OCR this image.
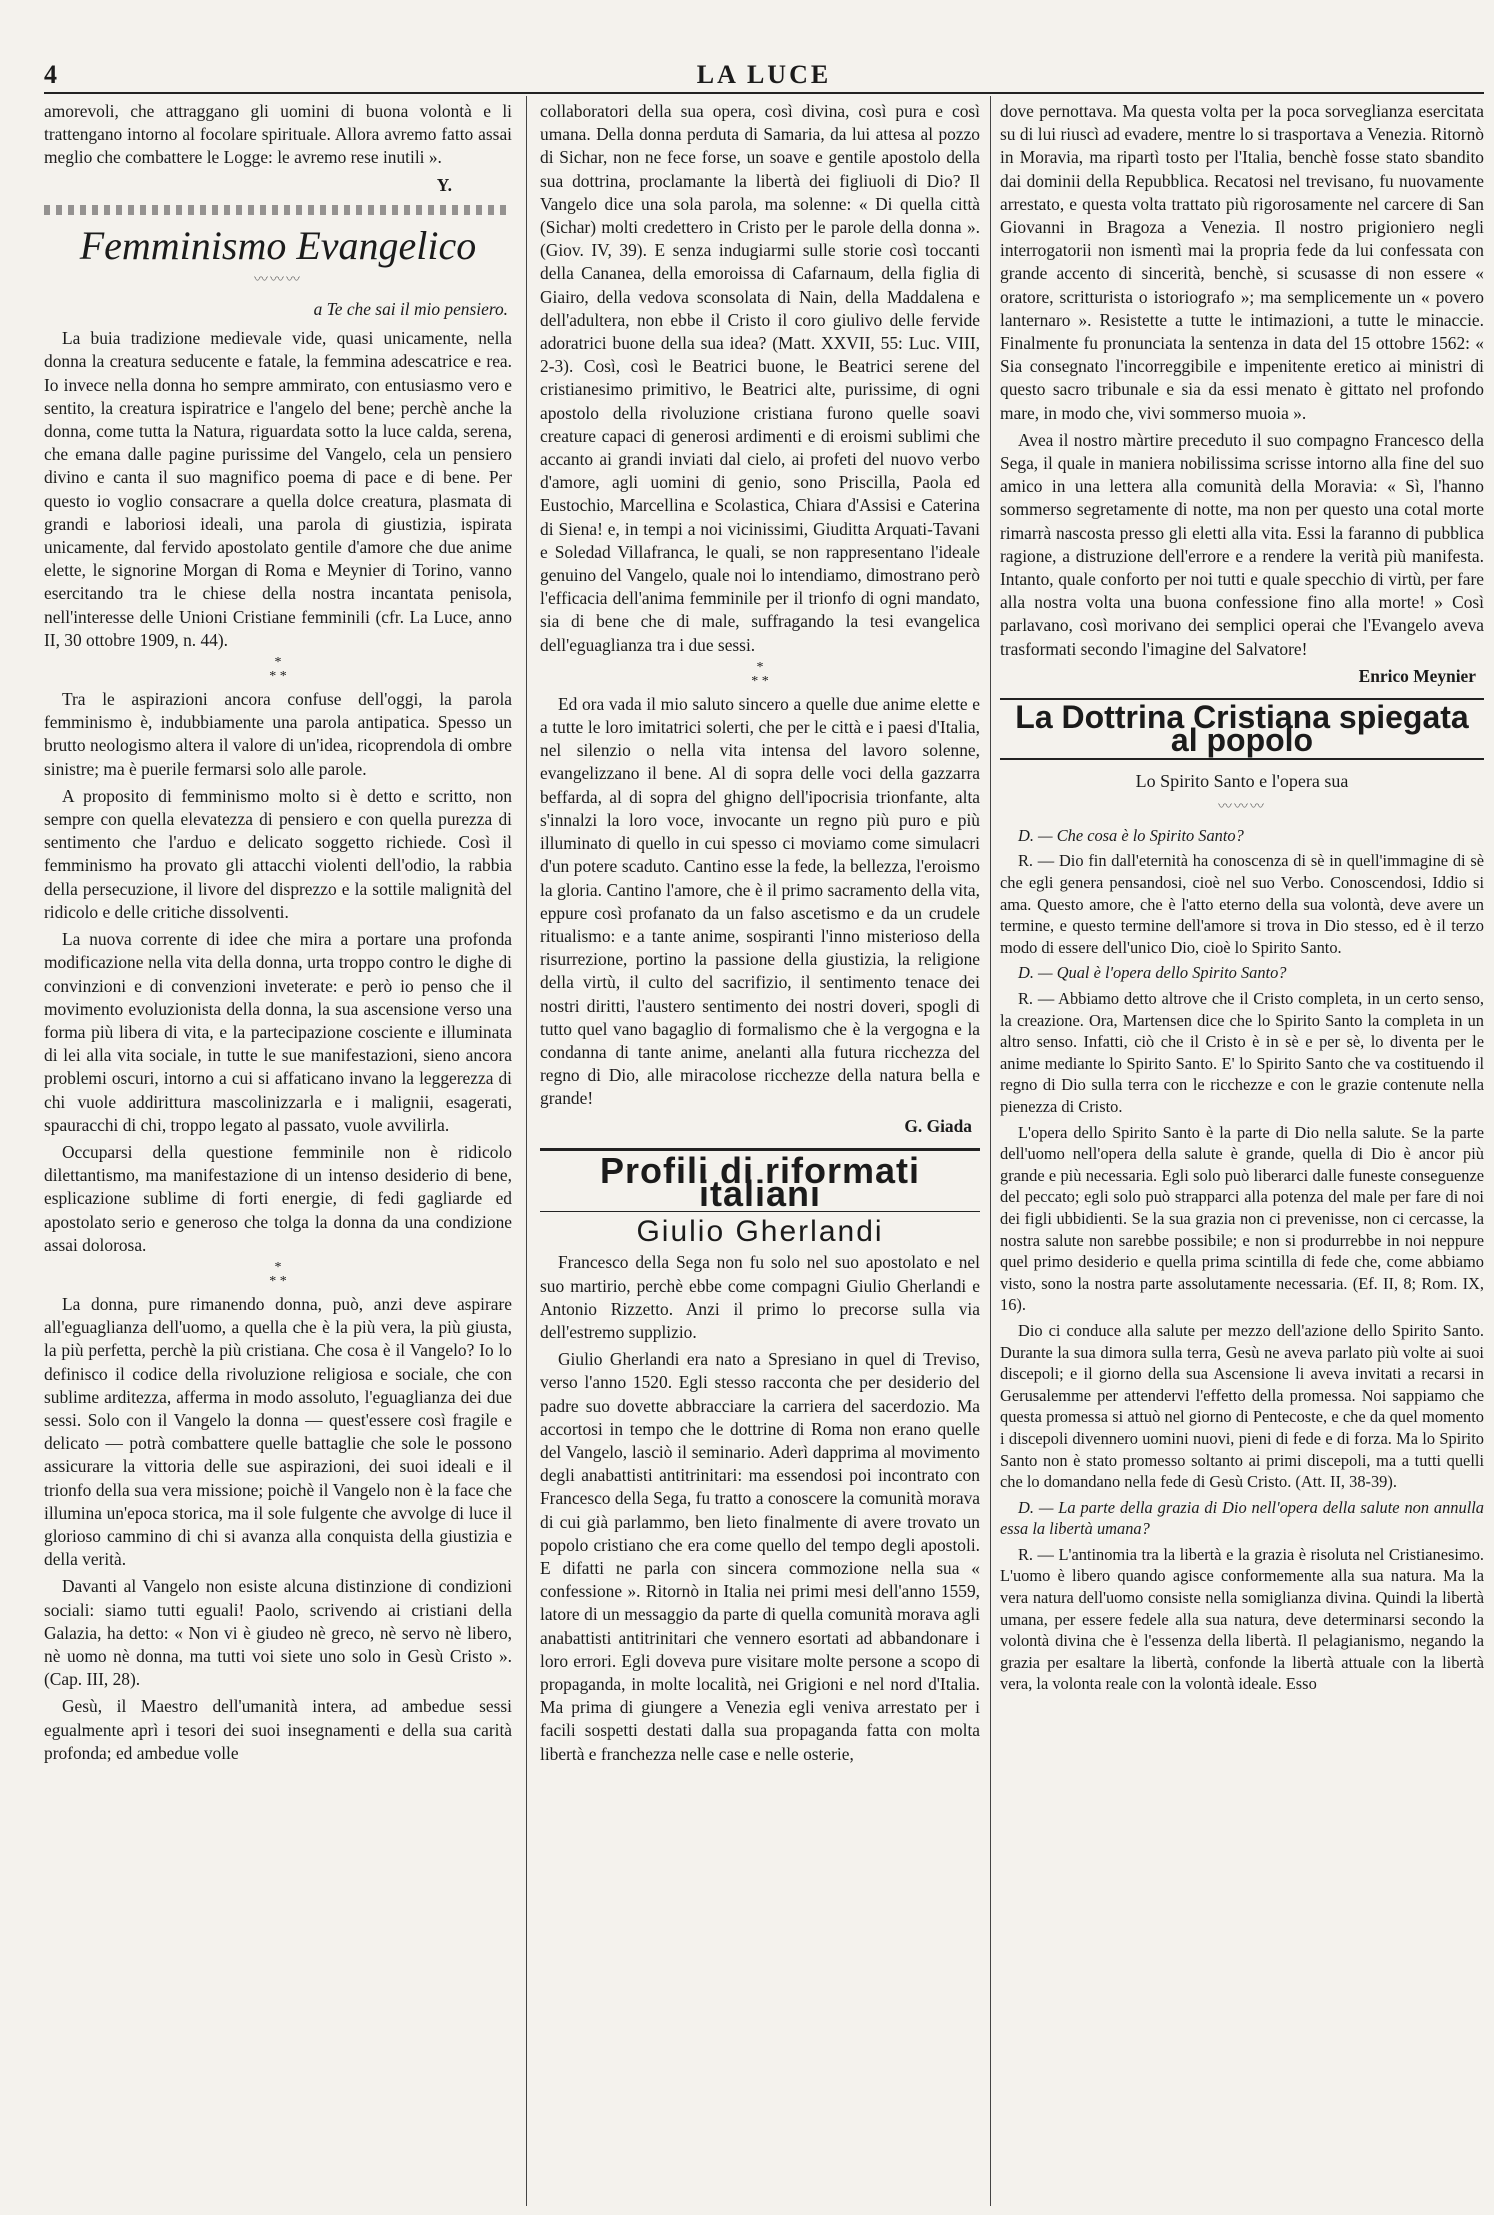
4	LA LUCE

amorevoli, che attraggano gli uomini di buona volontà e li trattengano intorno al focolare spirituale. Allora avremo fatto assai meglio che combattere le Logge: le avremo rese inutili ».

Y.
Femminismo Evangelico
〰〰〰
a Te che sai il mio pensiero.

La buia tradizione medievale vide, quasi unicamente, nella donna la creatura seducente e fatale, la femmina adescatrice e rea. Io invece nella donna ho sempre ammirato, con entusiasmo vero e sentito, la creatura ispiratrice e l'angelo del bene; perchè anche la donna, come tutta la Natura, riguardata sotto la luce calda, serena, che emana dalle pagine purissime del Vangelo, cela un pensiero divino e canta il suo magnifico poema di pace e di bene. Per questo io voglio consacrare a quella dolce creatura, plasmata di grandi e laboriosi ideali, una parola di giustizia, ispirata unicamente, dal fervido apostolato gentile d'amore che due anime elette, le signorine Morgan di Roma e Meynier di Torino, vanno esercitando tra le chiese della nostra incantata penisola, nell'interesse delle Unioni Cristiane femminili (cfr. La Luce, anno II, 30 ottobre 1909, n. 44).

*
* *

Tra le aspirazioni ancora confuse dell'oggi, la parola femminismo è, indubbiamente una parola antipatica. Spesso un brutto neologismo altera il valore di un'idea, ricoprendola di ombre sinistre; ma è puerile fermarsi solo alle parole.

A proposito di femminismo molto si è detto e scritto, non sempre con quella elevatezza di pensiero e con quella purezza di sentimento che l'arduo e delicato soggetto richiede. Così il femminismo ha provato gli attacchi violenti dell'odio, la rabbia della persecuzione, il livore del disprezzo e la sottile malignità del ridicolo e delle critiche dissolventi.

La nuova corrente di idee che mira a portare una profonda modificazione nella vita della donna, urta troppo contro le dighe di convinzioni e di convenzioni inveterate: e però io penso che il movimento evoluzionista della donna, la sua ascensione verso una forma più libera di vita, e la partecipazione cosciente e illuminata di lei alla vita sociale, in tutte le sue manifestazioni, sieno ancora problemi oscuri, intorno a cui si affaticano invano la leggerezza di chi vuole addirittura mascolinizzarla e i malignii, esagerati, spauracchi di chi, troppo legato al passato, vuole avvilirla.

Occuparsi della questione femminile non è ridicolo dilettantismo, ma manifestazione di un intenso desiderio di bene, esplicazione sublime di forti energie, di fedi gagliarde ed apostolato serio e generoso che tolga la donna da una condizione assai dolorosa.

*
* *

La donna, pure rimanendo donna, può, anzi deve aspirare all'eguaglianza dell'uomo, a quella che è la più vera, la più giusta, la più perfetta, perchè la più cristiana. Che cosa è il Vangelo? Io lo definisco il codice della rivoluzione religiosa e sociale, che con sublime arditezza, afferma in modo assoluto, l'eguaglianza dei due sessi. Solo con il Vangelo la donna — quest'essere così fragile e delicato — potrà combattere quelle battaglie che sole le possono assicurare la vittoria delle sue aspirazioni, dei suoi ideali e il trionfo della sua vera missione; poichè il Vangelo non è la face che illumina un'epoca storica, ma il sole fulgente che avvolge di luce il glorioso cammino di chi si avanza alla conquista della giustizia e della verità.

Davanti al Vangelo non esiste alcuna distinzione di condizioni sociali: siamo tutti eguali! Paolo, scrivendo ai cristiani della Galazia, ha detto: « Non vi è giudeo nè greco, nè servo nè libero, nè uomo nè donna, ma tutti voi siete uno solo in Gesù Cristo ». (Cap. III, 28).

Gesù, il Maestro dell'umanità intera, ad ambedue sessi egualmente aprì i tesori dei suoi insegnamenti e della sua carità profonda; ed ambedue volle

collaboratori della sua opera, così divina, così pura e così umana. Della donna perduta di Samaria, da lui attesa al pozzo di Sichar, non ne fece forse, un soave e gentile apostolo della sua dottrina, proclamante la libertà dei figliuoli di Dio? Il Vangelo dice una sola parola, ma solenne: « Di quella città (Sichar) molti credettero in Cristo per le parole della donna ». (Giov. IV, 39). E senza indugiarmi sulle storie così toccanti della Cananea, della emoroissa di Cafarnaum, della figlia di Giairo, della vedova sconsolata di Nain, della Maddalena e dell'adultera, non ebbe il Cristo il coro giulivo delle fervide adoratrici buone della sua idea? (Matt. XXVII, 55: Luc. VIII, 2-3). Così, così le Beatrici buone, le Beatrici serene del cristianesimo primitivo, le Beatrici alte, purissime, di ogni apostolo della rivoluzione cristiana furono quelle soavi creature capaci di generosi ardimenti e di eroismi sublimi che accanto ai grandi inviati dal cielo, ai profeti del nuovo verbo d'amore, agli uomini di genio, sono Priscilla, Paola ed Eustochio, Marcellina e Scolastica, Chiara d'Assisi e Caterina di Siena! e, in tempi a noi vicinissimi, Giuditta Arquati-Tavani e Soledad Villafranca, le quali, se non rappresentano l'ideale genuino del Vangelo, quale noi lo intendiamo, dimostrano però l'efficacia dell'anima femminile per il trionfo di ogni mandato, sia di bene che di male, suffragando la tesi evangelica dell'eguaglianza tra i due sessi.

*
* *

Ed ora vada il mio saluto sincero a quelle due anime elette e a tutte le loro imitatrici solerti, che per le città e i paesi d'Italia, nel silenzio o nella vita intensa del lavoro solenne, evangelizzano il bene. Al di sopra delle voci della gazzarra beffarda, al di sopra del ghigno dell'ipocrisia trionfante, alta s'innalzi la loro voce, invocante un regno più puro e più illuminato di quello in cui spesso ci moviamo come simulacri d'un potere scaduto. Cantino esse la fede, la bellezza, l'eroismo la gloria. Cantino l'amore, che è il primo sacramento della vita, eppure così profanato da un falso ascetismo e da un crudele ritualismo: e a tante anime, sospiranti l'inno misterioso della risurrezione, portino la passione della giustizia, la religione della virtù, il culto del sacrifizio, il sentimento tenace dei nostri diritti, l'austero sentimento dei nostri doveri, spogli di tutto quel vano bagaglio di formalismo che è la vergogna e la condanna di tante anime, anelanti alla futura ricchezza del regno di Dio, alle miracolose ricchezze della natura bella e grande!

G. Giada
Profili di riformati italiani
Giulio Gherlandi

Francesco della Sega non fu solo nel suo apostolato e nel suo martirio, perchè ebbe come compagni Giulio Gherlandi e Antonio Rizzetto. Anzi il primo lo precorse sulla via dell'estremo supplizio.

Giulio Gherlandi era nato a Spresiano in quel di Treviso, verso l'anno 1520. Egli stesso racconta che per desiderio del padre suo dovette abbracciare la carriera del sacerdozio. Ma accortosi in tempo che le dottrine di Roma non erano quelle del Vangelo, lasciò il seminario. Aderì dapprima al movimento degli anabattisti antitrinitari: ma essendosi poi incontrato con Francesco della Sega, fu tratto a conoscere la comunità morava di cui già parlammo, ben lieto finalmente di avere trovato un popolo cristiano che era come quello del tempo degli apostoli. E difatti ne parla con sincera commozione nella sua « confessione ». Ritornò in Italia nei primi mesi dell'anno 1559, latore di un messaggio da parte di quella comunità morava agli anabattisti antitrinitari che vennero esortati ad abbandonare i loro errori. Egli doveva pure visitare molte persone a scopo di propaganda, in molte località, nei Grigioni e nel nord d'Italia. Ma prima di giungere a Venezia egli veniva arrestato per i facili sospetti destati dalla sua propaganda fatta con molta libertà e franchezza nelle case e nelle osterie,

dove pernottava. Ma questa volta per la poca sorveglianza esercitata su di lui riuscì ad evadere, mentre lo si trasportava a Venezia. Ritornò in Moravia, ma ripartì tosto per l'Italia, benchè fosse stato sbandito dai dominii della Repubblica. Recatosi nel trevisano, fu nuovamente arrestato, e questa volta trattato più rigorosamente nel carcere di San Giovanni in Bragoza a Venezia. Il nostro prigioniero negli interrogatorii non ismentì mai la propria fede da lui confessata con grande accento di sincerità, benchè, si scusasse di non essere « oratore, scritturista o istoriografo »; ma semplicemente un « povero lanternaro ». Resistette a tutte le intimazioni, a tutte le minaccie. Finalmente fu pronunciata la sentenza in data del 15 ottobre 1562: « Sia consegnato l'incorreggibile e impenitente eretico ai ministri di questo sacro tribunale e sia da essi menato è gittato nel profondo mare, in modo che, vivi sommerso muoia ».

Avea il nostro màrtire preceduto il suo compagno Francesco della Sega, il quale in maniera nobilissima scrisse intorno alla fine del suo amico in una lettera alla comunità della Moravia: « Sì, l'hanno sommerso segretamente di notte, ma non per questo una cotal morte rimarrà nascosta presso gli eletti alla vita. Essi la faranno di pubblica ragione, a distruzione dell'errore e a rendere la verità più manifesta. Intanto, quale conforto per noi tutti e quale specchio di virtù, per fare alla nostra volta una buona confessione fino alla morte! » Così parlavano, così morivano dei semplici operai che l'Evangelo aveva trasformati secondo l'imagine del Salvatore!

Enrico Meynier
La Dottrina Cristiana spiegata al popolo
Lo Spirito Santo e l'opera sua
〰〰〰

D. — Che cosa è lo Spirito Santo?

R. — Dio fin dall'eternità ha conoscenza di sè in quell'immagine di sè che egli genera pensandosi, cioè nel suo Verbo. Conoscendosi, Iddio si ama. Questo amore, che è l'atto eterno della sua volontà, deve avere un termine, e questo termine dell'amore si trova in Dio stesso, ed è il terzo modo di essere dell'unico Dio, cioè lo Spirito Santo.

D. — Qual è l'opera dello Spirito Santo?

R. — Abbiamo detto altrove che il Cristo completa, in un certo senso, la creazione. Ora, Martensen dice che lo Spirito Santo la completa in un altro senso. Infatti, ciò che il Cristo è in sè e per sè, lo diventa per le anime mediante lo Spirito Santo. E' lo Spirito Santo che va costituendo il regno di Dio sulla terra con le ricchezze e con le grazie contenute nella pienezza di Cristo.

L'opera dello Spirito Santo è la parte di Dio nella salute. Se la parte dell'uomo nell'opera della salute è grande, quella di Dio è ancor più grande e più necessaria. Egli solo può liberarci dalle funeste conseguenze del peccato; egli solo può strapparci alla potenza del male per fare di noi dei figli ubbidienti. Se la sua grazia non ci prevenisse, non ci cercasse, la nostra salute non sarebbe possibile; e non si produrrebbe in noi neppure quel primo desiderio e quella prima scintilla di fede che, come abbiamo visto, sono la nostra parte assolutamente necessaria. (Ef. II, 8; Rom. IX, 16).

Dio ci conduce alla salute per mezzo dell'azione dello Spirito Santo. Durante la sua dimora sulla terra, Gesù ne aveva parlato più volte ai suoi discepoli; e il giorno della sua Ascensione li aveva invitati a recarsi in Gerusalemme per attendervi l'effetto della promessa. Noi sappiamo che questa promessa si attuò nel giorno di Pentecoste, e che da quel momento i discepoli divennero uomini nuovi, pieni di fede e di forza. Ma lo Spirito Santo non è stato promesso soltanto ai primi discepoli, ma a tutti quelli che lo domandano nella fede di Gesù Cristo. (Att. II, 38-39).

D. — La parte della grazia di Dio nell'opera della salute non annulla essa la libertà umana?

R. — L'antinomia tra la libertà e la grazia è risoluta nel Cristianesimo. L'uomo è libero quando agisce conformemente alla sua natura. Ma la vera natura dell'uomo consiste nella somiglianza divina. Quindi la libertà umana, per essere fedele alla sua natura, deve determinarsi secondo la volontà divina che è l'essenza della libertà. Il pelagianismo, negando la grazia per esaltare la libertà, confonde la libertà attuale con la libertà vera, la volonta reale con la volontà ideale. Esso
